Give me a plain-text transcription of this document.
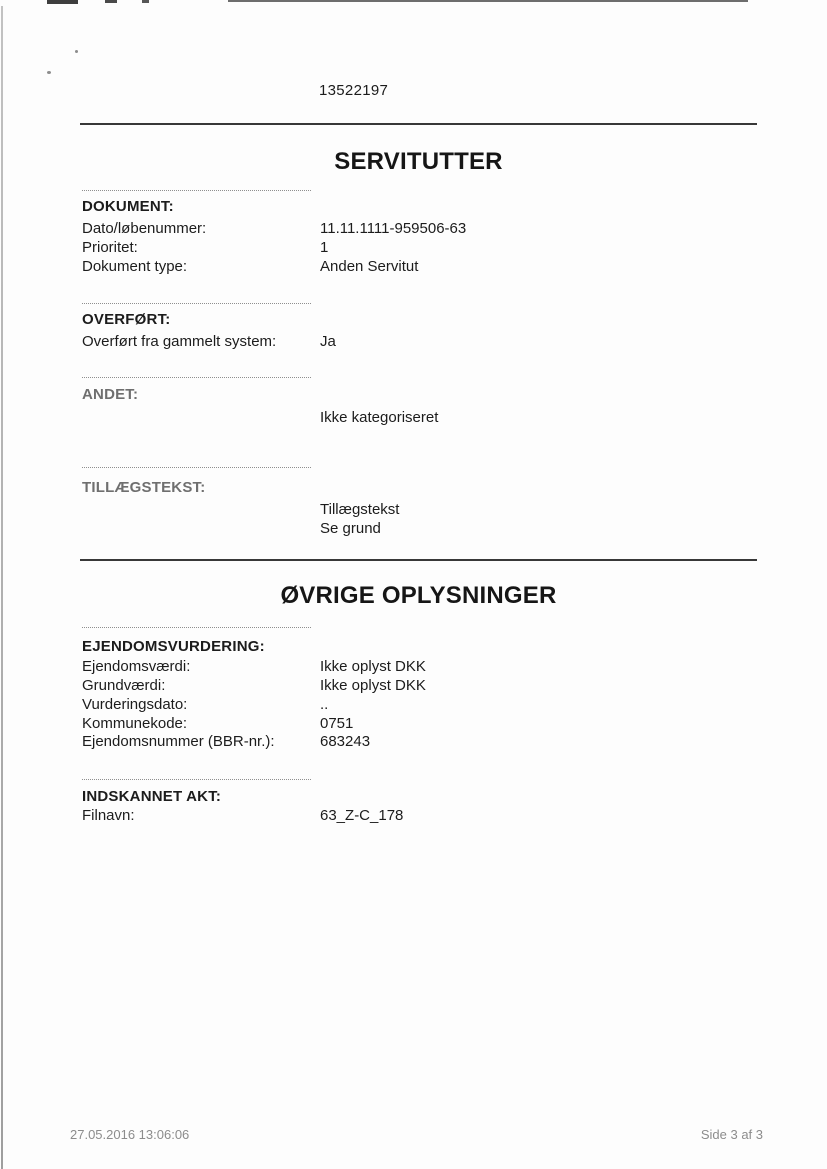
13522197
SERVITUTTER
DOKUMENT:
Dato/løbenummer:	11.11.1111-959506-63
Prioritet:	1
Dokument type:	Anden Servitut
OVERFØRT:
Overført fra gammelt system:	Ja
ANDET:
Ikke kategoriseret
TILLÆGSTEKST:
Tillægstekst
Se grund
ØVRIGE OPLYSNINGER
EJENDOMSVURDERING:
Ejendomsværdi:	Ikke oplyst DKK
Grundværdi:	Ikke oplyst DKK
Vurderingsdato:	..
Kommunekode:	0751
Ejendomsnummer (BBR-nr.):	683243
INDSKANNET AKT:
Filnavn:	63_Z-C_178
27.05.2016 13:06:06	Side 3 af 3
